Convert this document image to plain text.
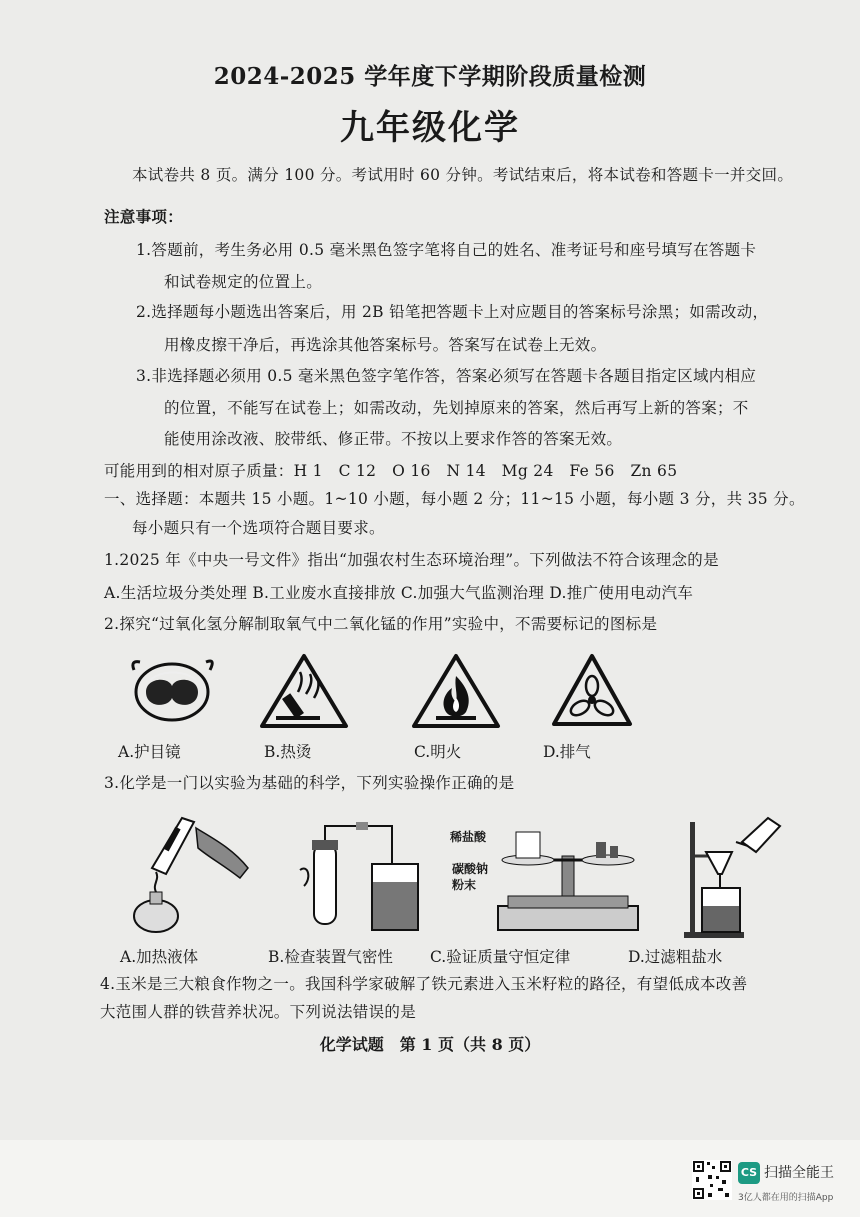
2024-2025 学年度下学期阶段质量检测
九年级化学
本试卷共 8 页。满分 100 分。考试用时 60 分钟。考试结束后，将本试卷和答题卡一并交回。
注意事项：
1.答题前，考生务必用 0.5 毫米黑色签字笔将自己的姓名、准考证号和座号填写在答题卡
和试卷规定的位置上。
2.选择题每小题选出答案后，用 2B 铅笔把答题卡上对应题目的答案标号涂黑；如需改动，
用橡皮擦干净后，再选涂其他答案标号。答案写在试卷上无效。
3.非选择题必须用 0.5 毫米黑色签字笔作答，答案必须写在答题卡各题目指定区域内相应
的位置，不能写在试卷上；如需改动，先划掉原来的答案，然后再写上新的答案；不
能使用涂改液、胶带纸、修正带。不按以上要求作答的答案无效。
可能用到的相对原子质量：H 1　C 12　O 16　N 14　Mg 24　Fe 56　Zn 65
一、选择题：本题共 15 小题。1~10 小题，每小题 2 分；11~15 小题，每小题 3 分，共 35 分。
每小题只有一个选项符合题目要求。
1.2025 年《中央一号文件》指出“加强农村生态环境治理”。下列做法不符合该理念的是
A.生活垃圾分类处理 B.工业废水直接排放 C.加强大气监测治理 D.推广使用电动汽车
2.探究“过氧化氢分解制取氧气中二氧化锰的作用”实验中，不需要标记的图标是
A.护目镜	B.热烫	C.明火	D.排气
3.化学是一门以实验为基础的科学，下列实验操作正确的是
稀盐酸
碳酸钠
粉末
A.加热液体	B.检查装置气密性 C.验证质量守恒定律	D.过滤粗盐水
4.玉米是三大粮食作物之一。我国科学家破解了铁元素进入玉米籽粒的路径，有望低成本改善
大范围人群的铁营养状况。下列说法错误的是
化学试题　第 1 页（共 8 页）
CS 扫描全能王
3亿人都在用的扫描App
